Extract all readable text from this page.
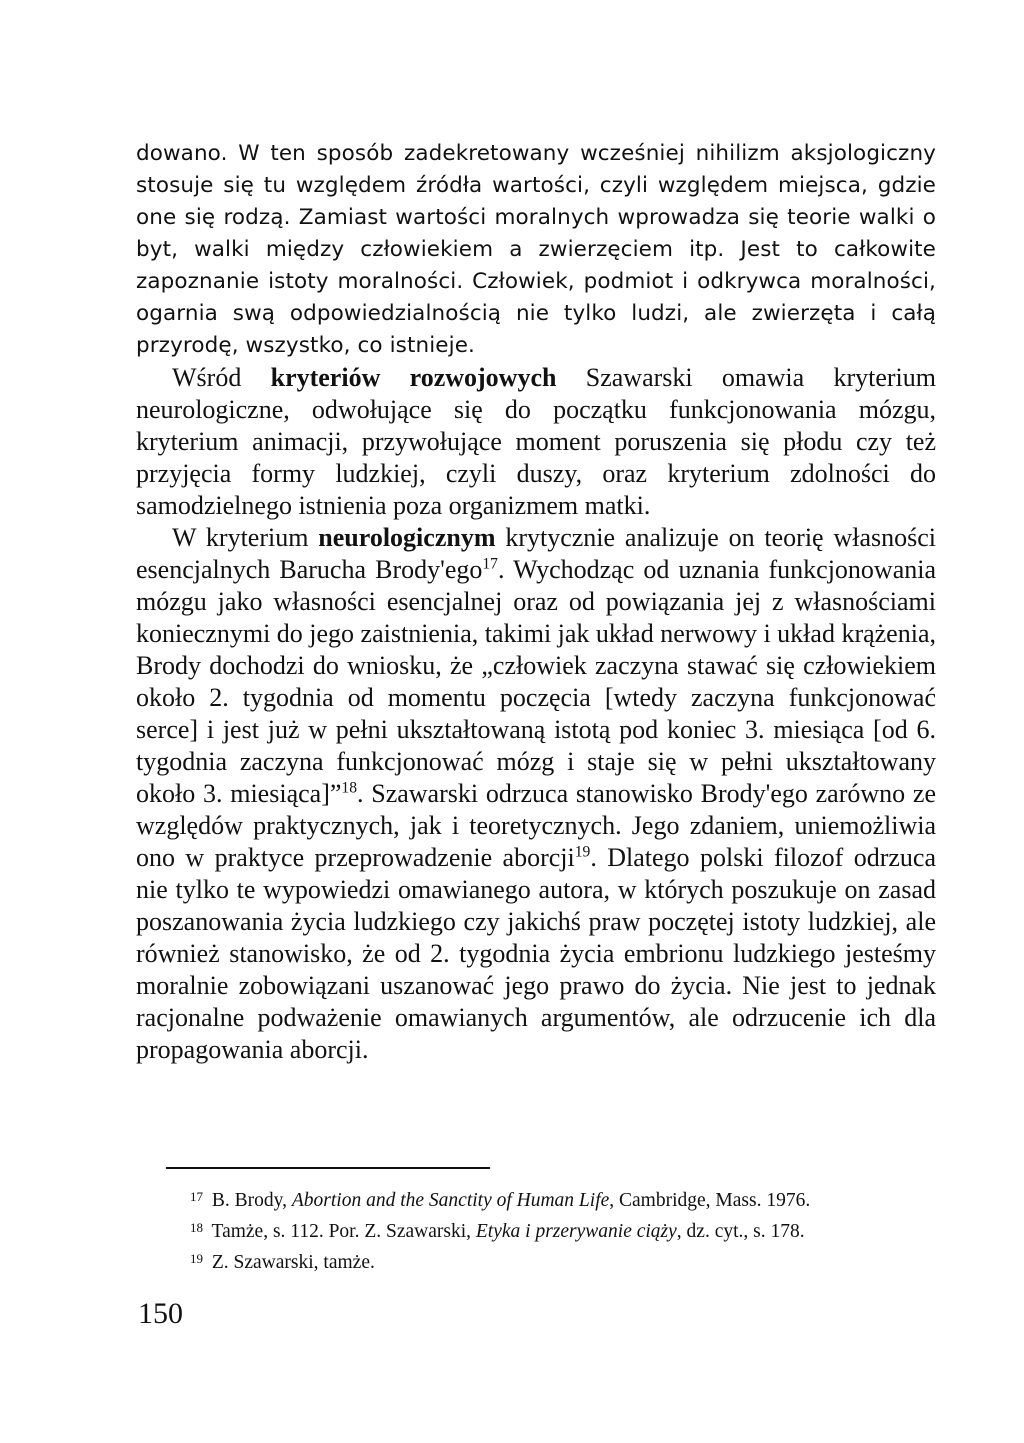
dowano. W ten sposób zadekretowany wcześniej nihilizm aksjologiczny stosuje się tu względem źródła wartości, czyli względem miejsca, gdzie one się rodzą. Zamiast wartości moralnych wprowadza się teorie walki o byt, walki między człowiekiem a zwierzęciem itp. Jest to całkowite zapoznanie istoty moralności. Człowiek, podmiot i odkrywca moralności, ogarnia swą odpowiedzialnością nie tylko ludzi, ale zwierzęta i całą przyrodę, wszystko, co istnieje.

Wśród kryteriów rozwojowych Szawarski omawia kryterium neurologiczne, odwołujące się do początku funkcjonowania mózgu, kryterium animacji, przywołujące moment poruszenia się płodu czy też przyjęcia formy ludzkiej, czyli duszy, oraz kryterium zdolności do samodzielnego istnienia poza organizmem matki.

W kryterium neurologicznym krytycznie analizuje on teorię własności esencjalnych Barucha Brody'ego$^{17}$. Wychodząc od uznania funkcjonowania mózgu jako własności esencjalnej oraz od powiązania jej z własnościami koniecznymi do jego zaistnienia, takimi jak układ nerwowy i układ krążenia, Brody dochodzi do wniosku, że „człowiek zaczyna stawać się człowiekiem około 2. tygodnia od momentu poczęcia [wtedy zaczyna funkcjonować serce] i jest już w pełni ukształtowaną istotą pod koniec 3. miesiąca [od 6. tygodnia zaczyna funkcjonować mózg i staje się w pełni ukształtowany około 3. miesiąca]”$^{18}$. Szawarski odrzuca stanowisko Brody'ego zarówno ze względów praktycznych, jak i teoretycznych. Jego zdaniem, uniemożliwia ono w praktyce przeprowadzenie aborcji$^{19}$. Dlatego polski filozof odrzuca nie tylko te wypowiedzi omawianego autora, w których poszukuje on zasad poszanowania życia ludzkiego czy jakichś praw poczętej istoty ludzkiej, ale również stanowisko, że od 2. tygodnia życia embrionu ludzkiego jesteśmy moralnie zobowiązani uszanować jego prawo do życia. Nie jest to jednak racjonalne podważenie omawianych argumentów, ale odrzucenie ich dla propagowania aborcji.

$^{17}$ B. Brody, Abortion and the Sanctity of Human Life, Cambridge, Mass. 1976.
$^{18}$ Tamże, s. 112. Por. Z. Szawarski, Etyka i przerywanie ciąży, dz. cyt., s. 178.
$^{19}$ Z. Szawarski, tamże.
150
